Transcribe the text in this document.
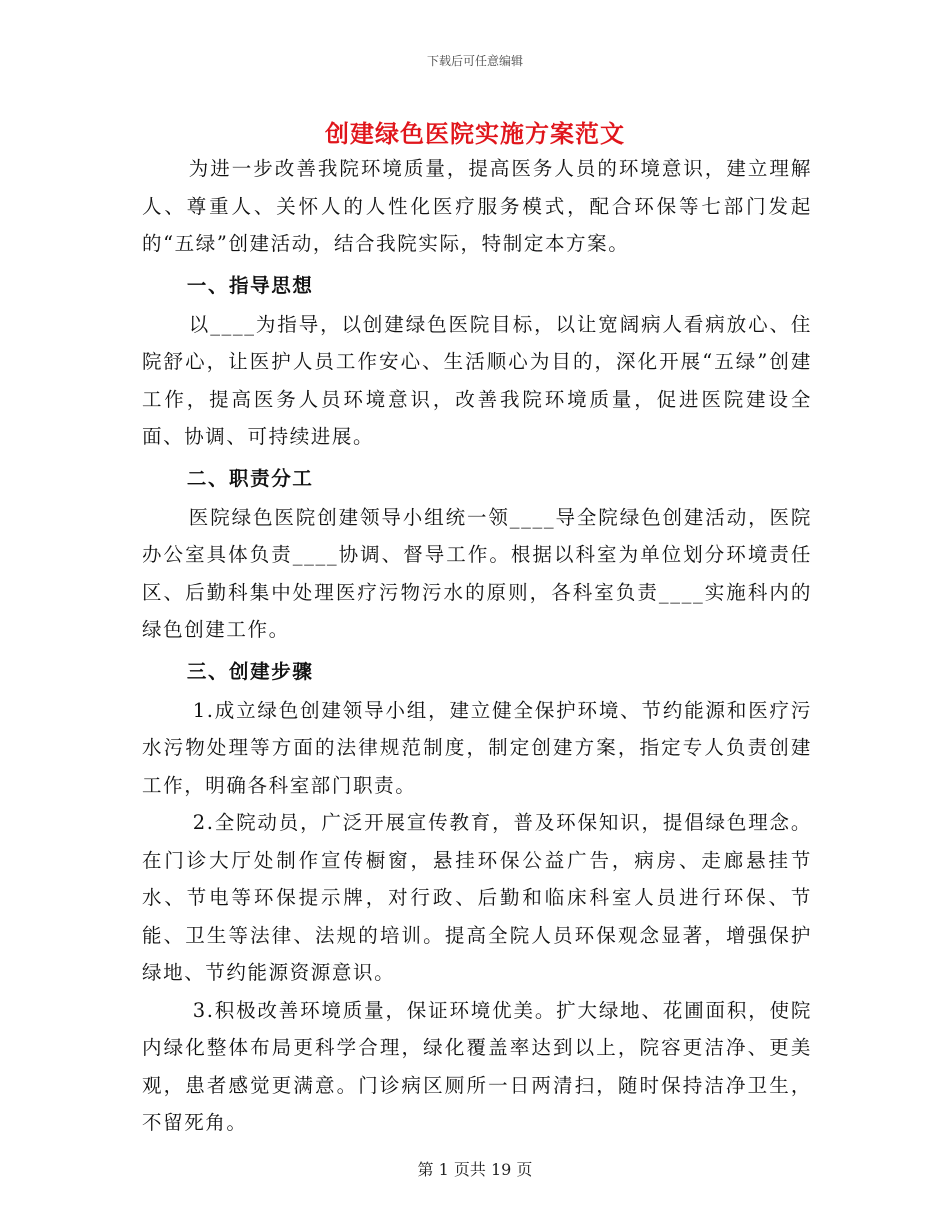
下载后可任意编辑
创建绿色医院实施方案范文

为进一步改善我院环境质量，提高医务人员的环境意识，建立理解人、尊重人、关怀人的人性化医疗服务模式，配合环保等七部门发起的“五绿”创建活动，结合我院实际，特制定本方案。

一、指导思想

以____为指导，以创建绿色医院目标，以让宽阔病人看病放心、住院舒心，让医护人员工作安心、生活顺心为目的，深化开展“五绿”创建工作，提高医务人员环境意识，改善我院环境质量，促进医院建设全面、协调、可持续进展。

二、职责分工

医院绿色医院创建领导小组统一领____导全院绿色创建活动，医院办公室具体负责____协调、督导工作。根据以科室为单位划分环境责任区、后勤科集中处理医疗污物污水的原则，各科室负责____实施科内的绿色创建工作。

三、创建步骤

1.成立绿色创建领导小组，建立健全保护环境、节约能源和医疗污水污物处理等方面的法律规范制度，制定创建方案，指定专人负责创建工作，明确各科室部门职责。

2.全院动员，广泛开展宣传教育，普及环保知识，提倡绿色理念。在门诊大厅处制作宣传橱窗，悬挂环保公益广告，病房、走廊悬挂节水、节电等环保提示牌，对行政、后勤和临床科室人员进行环保、节能、卫生等法律、法规的培训。提高全院人员环保观念显著，增强保护绿地、节约能源资源意识。

3.积极改善环境质量，保证环境优美。扩大绿地、花圃面积，使院内绿化整体布局更科学合理，绿化覆盖率达到以上，院容更洁净、更美观，患者感觉更满意。门诊病区厕所一日两清扫，随时保持洁净卫生，不留死角。

第 1 页共 19 页
